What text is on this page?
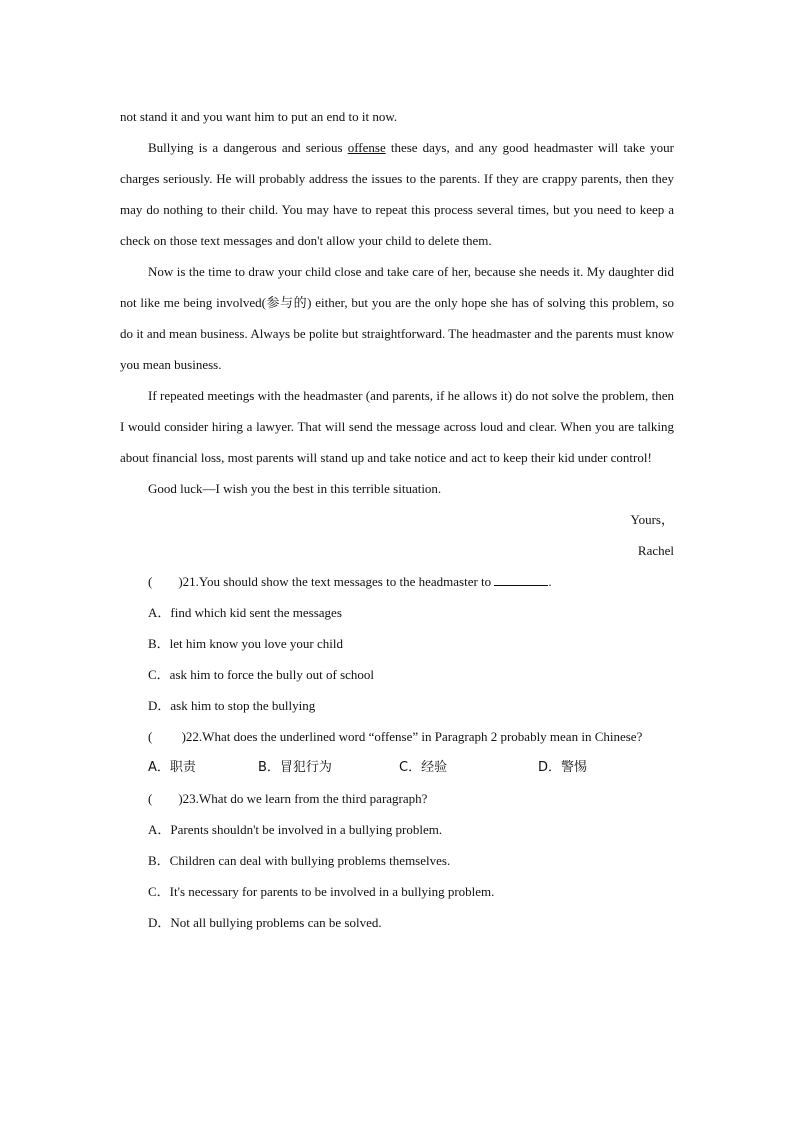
not stand it and you want him to put an end to it now.

Bullying is a dangerous and serious offense these days, and any good headmaster will take your charges seriously. He will probably address the issues to the parents. If they are crappy parents, then they may do nothing to their child. You may have to repeat this process several times, but you need to keep a check on those text messages and don't allow your child to delete them.

Now is the time to draw your child close and take care of her, because she needs it. My daughter did not like me being involved(参与的) either, but you are the only hope she has of solving this problem, so do it and mean business. Always be polite but straightforward. The headmaster and the parents must know you mean business.

If repeated meetings with the headmaster (and parents, if he allows it) do not solve the problem, then I would consider hiring a lawyer. That will send the message across loud and clear. When you are talking about financial loss, most parents will stand up and take notice and act to keep their kid under control!

Good luck—I wish you the best in this terrible situation.

Yours，
Rachel
(        )21.You should show the text messages to the headmaster to	.
A．find which kid sent the messages
B．let him know you love your child
C．ask him to force the bully out of school
D．ask him to stop the bullying

(         )22.What does the underlined word “offense” in Paragraph 2 probably mean in Chinese?

A．职责	B．冒犯行为	C．经验	D．警惕
(        )23.What do we learn from the third paragraph?
A．Parents shouldn't be involved in a bullying problem.
B．Children can deal with bullying problems themselves.
C．It's necessary for parents to be involved in a bullying problem.
D．Not all bullying problems can be solved.
